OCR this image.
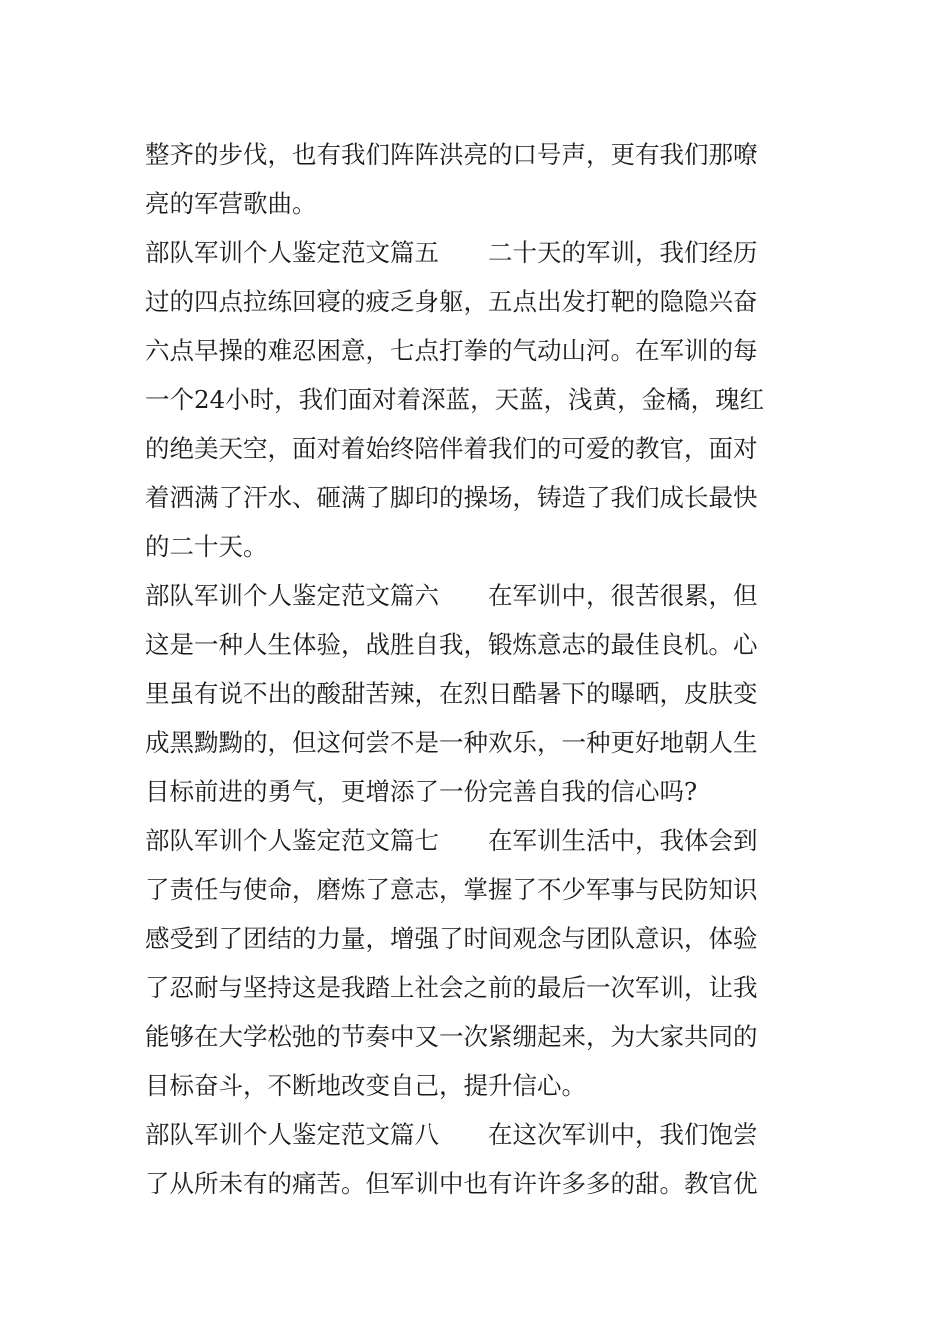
整齐的步伐，也有我们阵阵洪亮的口号声，更有我们那嘹
亮的军营歌曲。
部队军训个人鉴定范文篇五　　二十天的军训，我们经历
过的四点拉练回寝的疲乏身躯，五点出发打靶的隐隐兴奋
六点早操的难忍困意，七点打拳的气动山河。在军训的每
一个24小时，我们面对着深蓝，天蓝，浅黄，金橘，瑰红
的绝美天空，面对着始终陪伴着我们的可爱的教官，面对
着洒满了汗水、砸满了脚印的操场，铸造了我们成长最快
的二十天。
部队军训个人鉴定范文篇六　　在军训中，很苦很累，但
这是一种人生体验，战胜自我，锻炼意志的最佳良机。心
里虽有说不出的酸甜苦辣，在烈日酷暑下的曝晒，皮肤变
成黑黝黝的，但这何尝不是一种欢乐，一种更好地朝人生
目标前进的勇气，更增添了一份完善自我的信心吗?
部队军训个人鉴定范文篇七　　在军训生活中，我体会到
了责任与使命，磨炼了意志，掌握了不少军事与民防知识
感受到了团结的力量，增强了时间观念与团队意识，体验
了忍耐与坚持这是我踏上社会之前的最后一次军训，让我
能够在大学松弛的节奏中又一次紧绷起来，为大家共同的
目标奋斗，不断地改变自己，提升信心。
部队军训个人鉴定范文篇八　　在这次军训中，我们饱尝
了从所未有的痛苦。但军训中也有许许多多的甜。教官优
